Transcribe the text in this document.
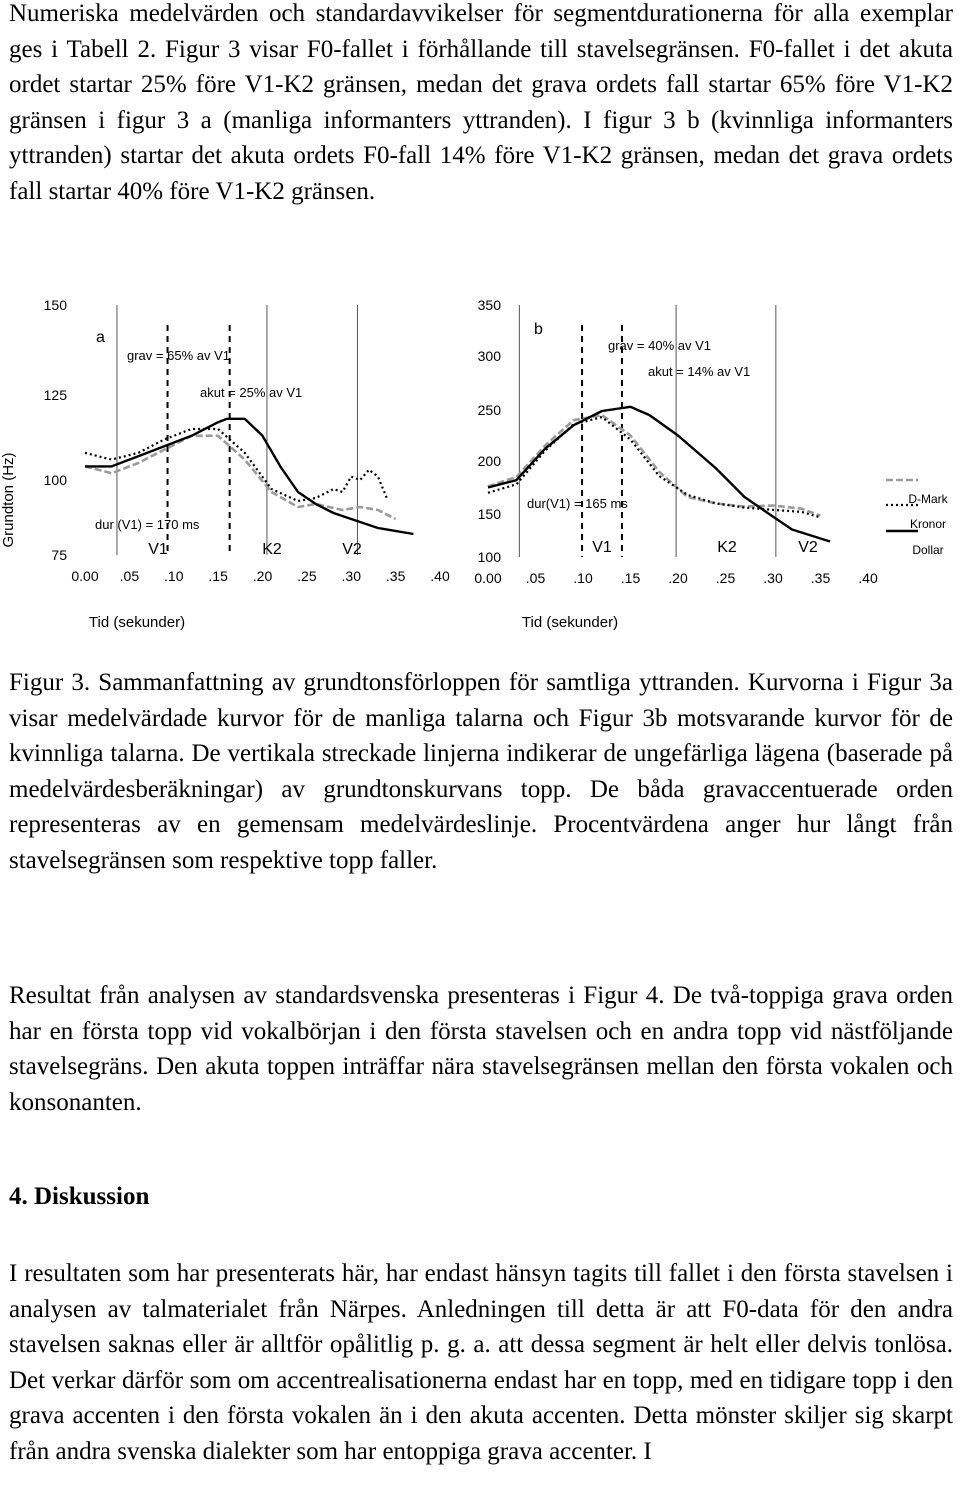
Numeriska medelvärden och standardavvikelser för segmentdurationerna för alla exemplar ges i Tabell 2. Figur 3 visar F0-fallet i förhållande till stavelsegränsen. F0-fallet i det akuta ordet startar 25% före V1-K2 gränsen, medan det grava ordets fall startar 65% före V1-K2 gränsen i figur 3 a (manliga informanters yttranden). I figur 3 b (kvinnliga informanters yttranden) startar det akuta ordets F0-fall 14% före V1-K2 gränsen, medan det grava ordets fall startar 40% före V1-K2 gränsen.

Grundton (Hz)
150
125
100
75
0.00 .05 .10 .15 .20 .25 .30 .35 .40
a
grav = 65% av V1
akut = 25% av V1
dur (V1) = 170 ms
V1	K2	V2
Tid (sekunder)
350
300
250
200
150
100
0.00 .05 .10 .15 .20 .25 .30 .35 .40
b
grav = 40% av V1
akut = 14% av V1
dur(V1) = 165 ms
V1	K2	V2
Tid (sekunder)
D-Mark
Kronor
Dollar

Figur 3. Sammanfattning av grundtonsförloppen för samtliga yttranden. Kurvorna i Figur 3a visar medelvärdade kurvor för de manliga talarna och Figur 3b motsvarande kurvor för de kvinnliga talarna. De vertikala streckade linjerna indikerar de ungefärliga lägena (baserade på medelvärdesberäkningar) av grundtonskurvans topp. De båda gravaccentuerade orden representeras av en gemensam medelvärdeslinje. Procentvärdena anger hur långt från stavelsegränsen som respektive topp faller.

Resultat från analysen av standardsvenska presenteras i Figur 4. De två-toppiga grava orden har en första topp vid vokalbörjan i den första stavelsen och en andra topp vid nästföljande stavelsegräns. Den akuta toppen inträffar nära stavelsegränsen mellan den första vokalen och konsonanten.

4. Diskussion

I resultaten som har presenterats här, har endast hänsyn tagits till fallet i den första stavelsen i analysen av talmaterialet från Närpes. Anledningen till detta är att F0-data för den andra stavelsen saknas eller är alltför opålitlig p. g. a. att dessa segment är helt eller delvis tonlösa. Det verkar därför som om accentrealisationerna endast har en topp, med en tidigare topp i den grava accenten i den första vokalen än i den akuta accenten. Detta mönster skiljer sig skarpt från andra svenska dialekter som har entoppiga grava accenter. I
